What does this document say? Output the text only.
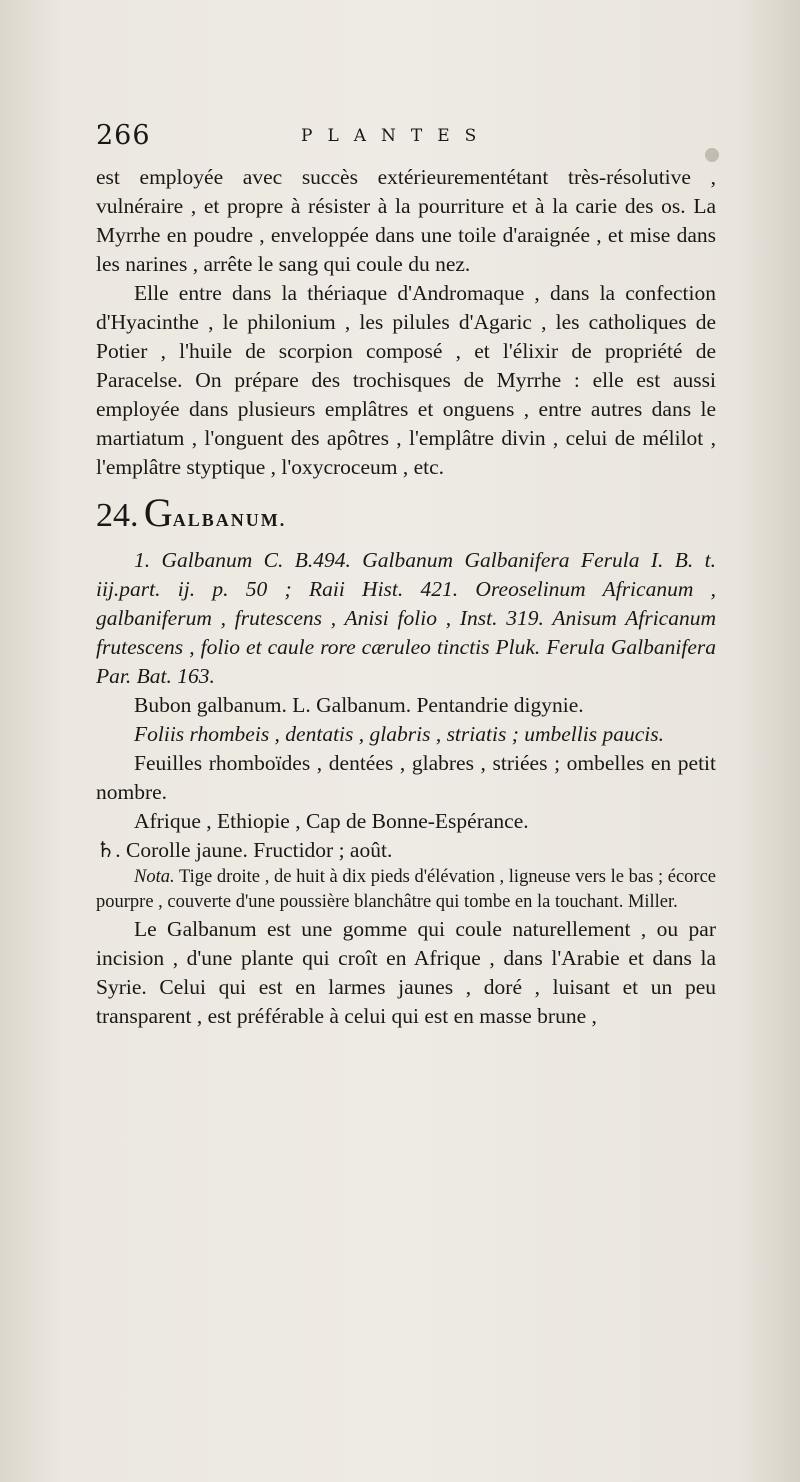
266	PLANTES

est employée avec succès extérieurementétant très-résolutive , vulnéraire , et propre à résister à la pourriture et à la carie des os. La Myrrhe en poudre , enveloppée dans une toile d'araignée , et mise dans les narines , arrête le sang qui coule du nez.

Elle entre dans la thériaque d'Andromaque , dans la confection d'Hyacinthe , le philonium , les pilules d'Agaric , les catholiques de Potier , l'huile de scorpion composé , et l'élixir de propriété de Paracelse. On prépare des trochisques de Myrrhe : elle est aussi employée dans plusieurs emplâtres et onguens , entre autres dans le martiatum , l'onguent des apôtres , l'emplâtre divin , celui de mélilot , l'emplâtre styptique , l'oxycroceum , etc.

24. GALBANUM.

1. Galbanum C. B.494. Galbanum Galbanifera Ferula I. B. t. iij.part. ij. p. 50 ; Raii Hist. 421. Oreoselinum Africanum , galbaniferum , frutescens , Anisi folio , Inst. 319. Anisum Africanum frutescens , folio et caule rore cæruleo tinctis Pluk. Ferula Galbanifera Par. Bat. 163.

Bubon galbanum. L. Galbanum. Pentandrie digynie.

Foliis rhombeis , dentatis , glabris , striatis ; umbellis paucis.

Feuilles rhomboïdes , dentées , glabres , striées ; ombelles en petit nombre.

Afrique , Ethiopie , Cap de Bonne-Espérance.

♄. Corolle jaune. Fructidor ; août.

Nota. Tige droite , de huit à dix pieds d'élévation , ligneuse vers le bas ; écorce pourpre , couverte d'une poussière blanchâtre qui tombe en la touchant. Miller.

Le Galbanum est une gomme qui coule naturellement , ou par incision , d'une plante qui croît en Afrique , dans l'Arabie et dans la Syrie. Celui qui est en larmes jaunes , doré , luisant et un peu transparent , est préférable à celui qui est en masse brune ,
